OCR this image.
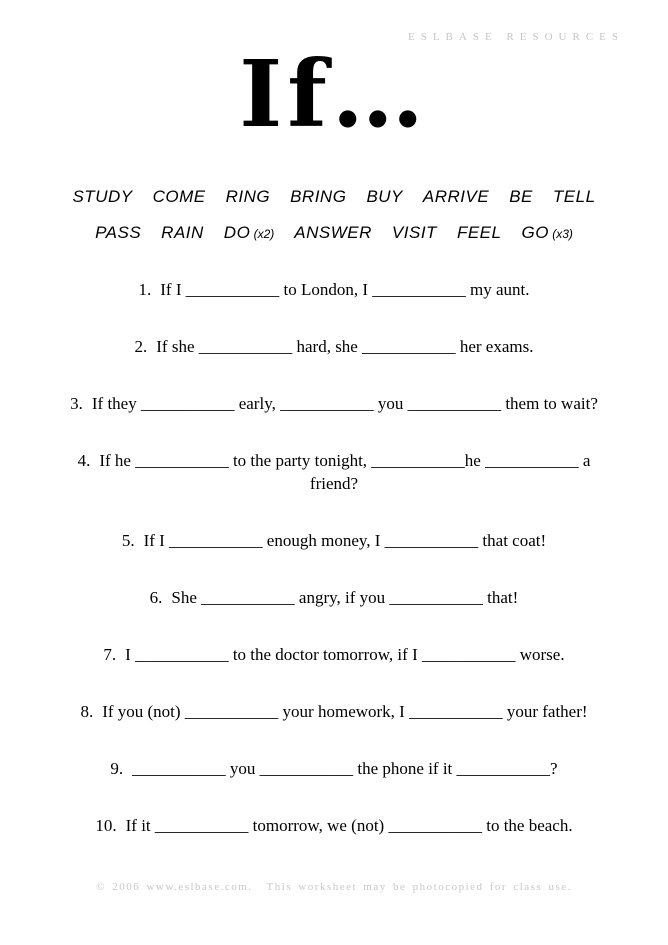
ESLBASE RESOURCES
If…
STUDY COME RING BRING BUY ARRIVE BE TELL
PASS RAIN DO (x2) ANSWER VISIT FEEL GO (x3)
1. If I ___________ to London, I ___________ my aunt.
2. If she ___________ hard, she ___________ her exams.
3. If they ___________ early, ___________ you ___________ them to wait?
4. If he ___________ to the party tonight, ___________he ___________ a friend?
5. If I ___________ enough money, I ___________ that coat!
6. She ___________ angry, if you ___________ that!
7. I ___________ to the doctor tomorrow, if I ___________ worse.
8. If you (not) ___________ your homework, I ___________ your father!
9. ___________ you ___________ the phone if it ___________?
10. If it ___________ tomorrow, we (not) ___________ to the beach.
© 2006 www.eslbase.com. This worksheet may be photocopied for class use.
